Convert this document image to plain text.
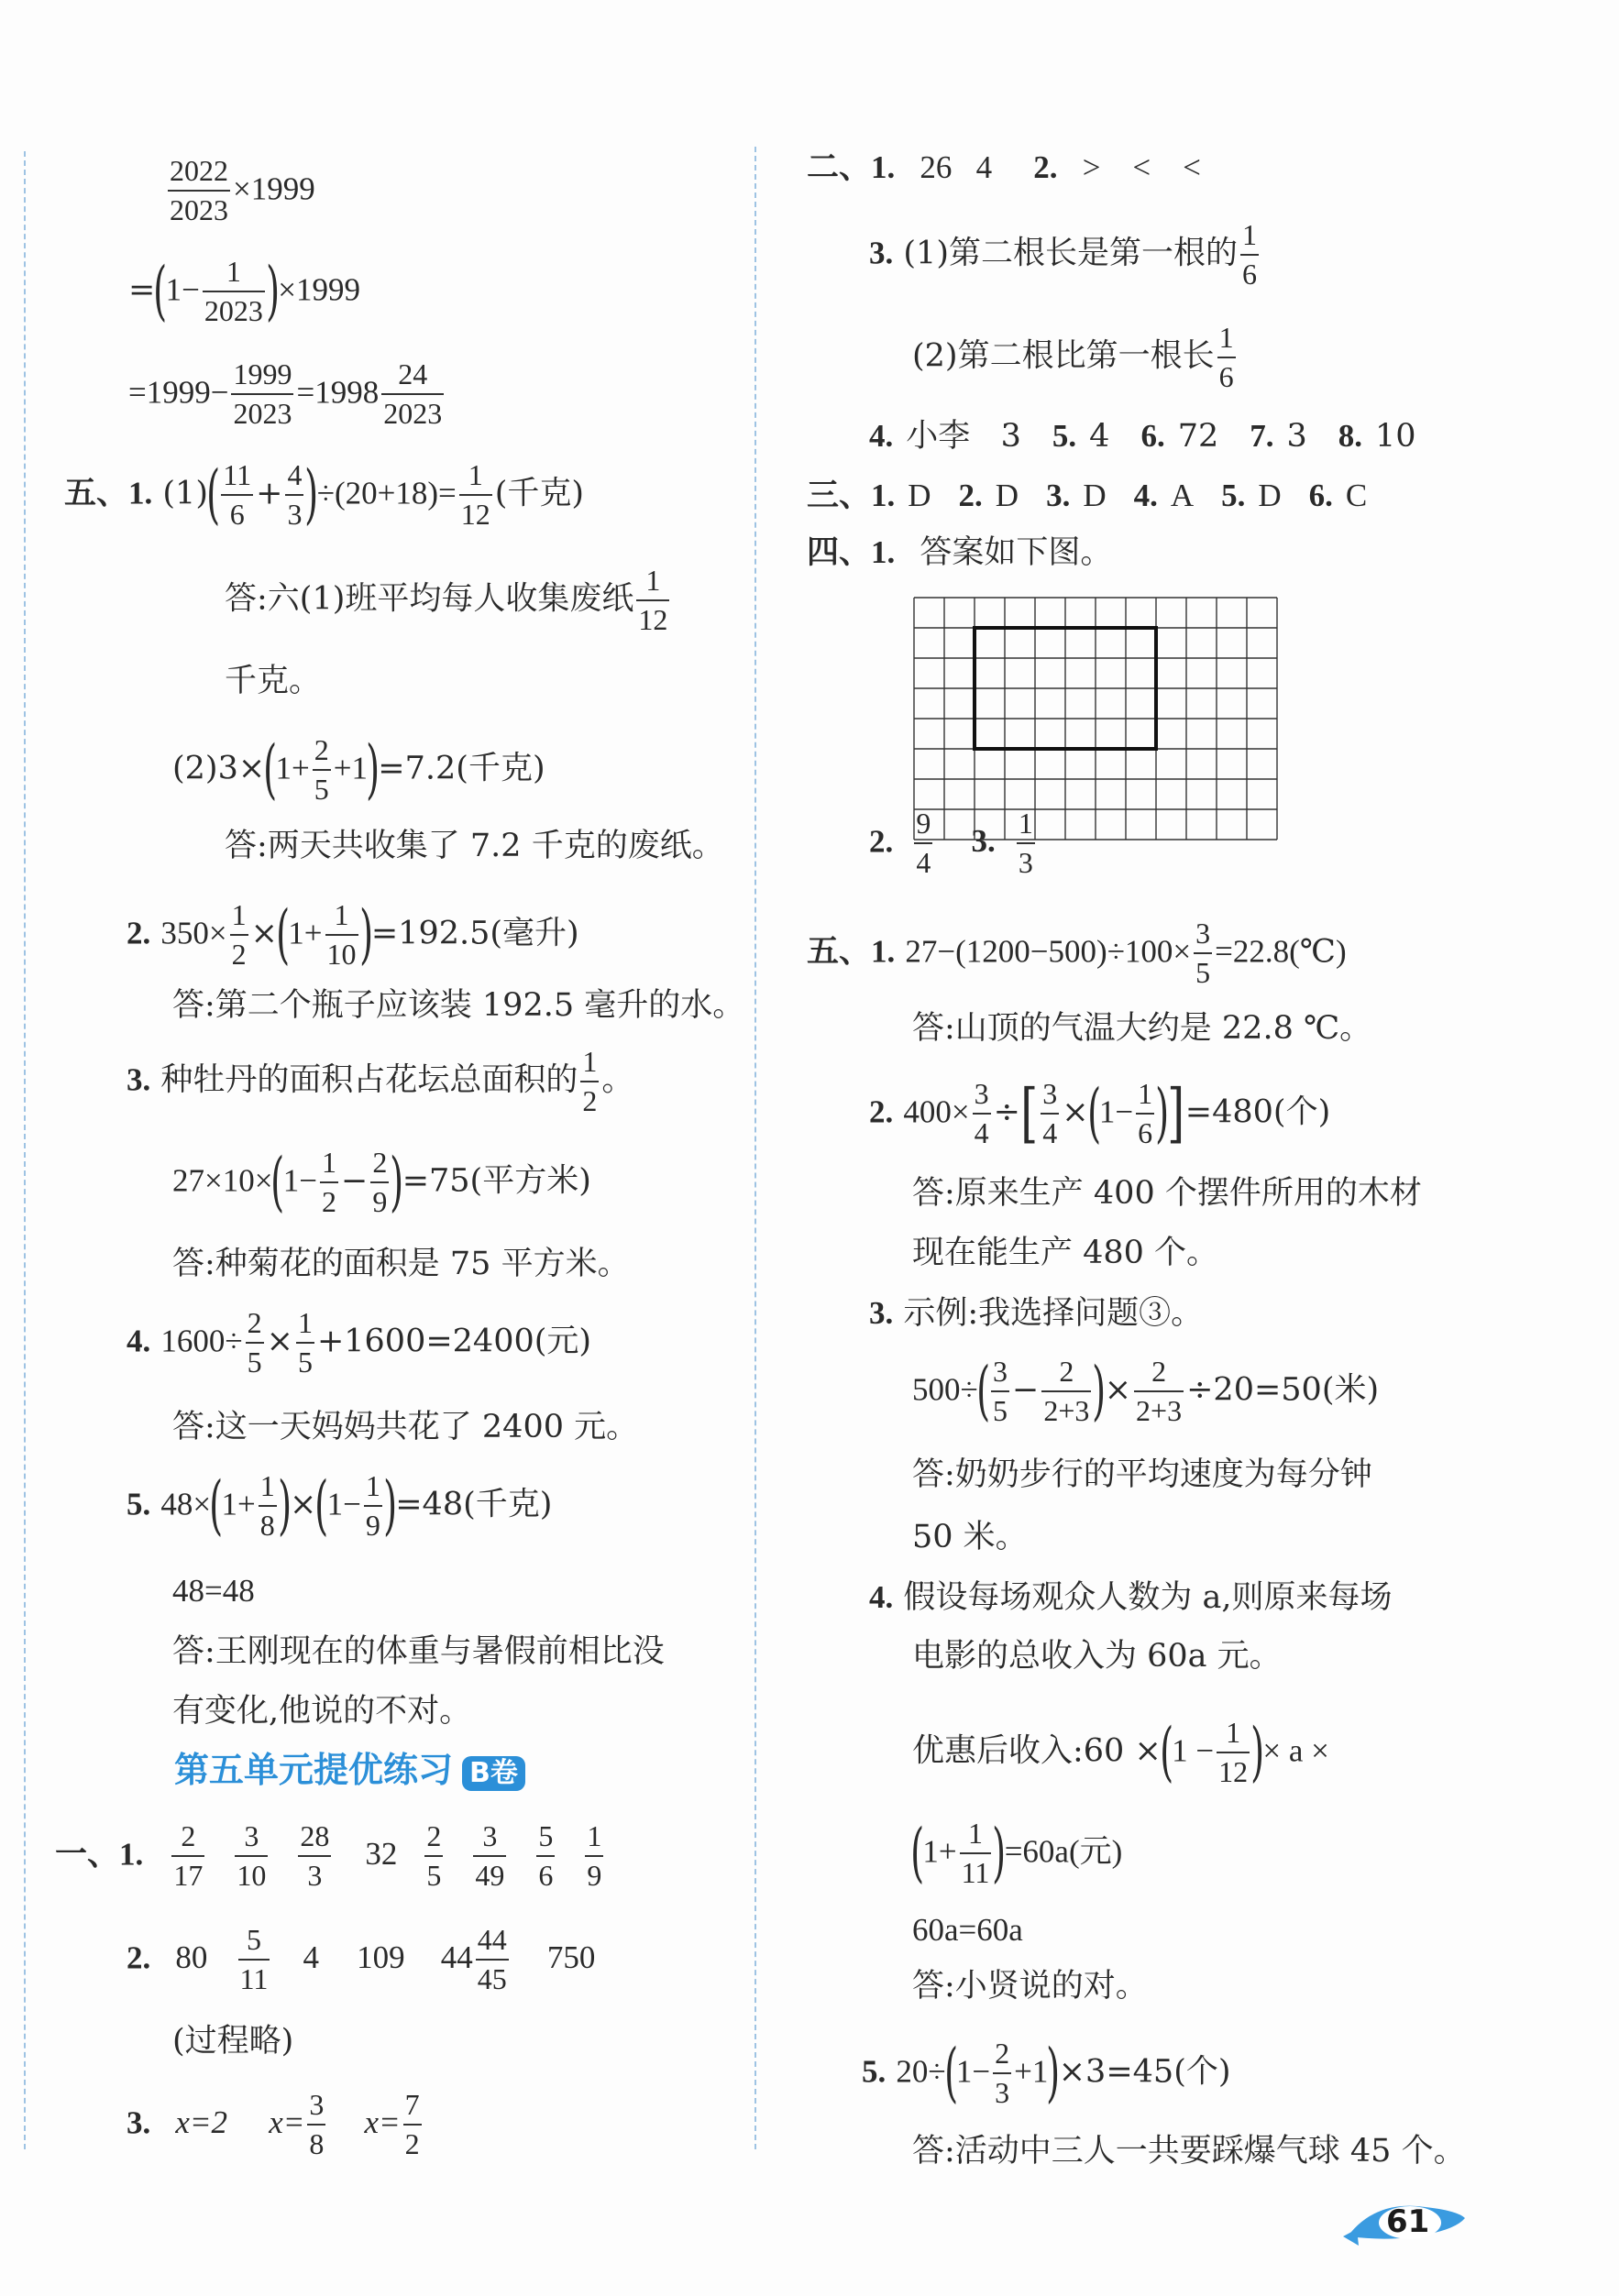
$\frac{2022}{2023} \times 1999$
$=(1- \frac{1}{2023} )\times 1999$
$=1999- \frac{1999}{2023} =1998 \frac{24}{2023}$
五、1. $(1)( \frac{11}{6} + \frac{4}{3} )\div(20+18)= \frac{1}{12}$ (千克)
答:六(1)班平均每人收集废纸 $\frac{1}{12}$
千克。
$(2)3\times(1+ \frac{2}{5} +1)=7.2$(千克)
答:两天共收集了 7.2 千克的废纸。
2. $350\times \frac{1}{2} \times(1+ \frac{1}{10} )=192.5$(毫升)
答:第二个瓶子应该装 192.5 毫升的水。
3. 种牡丹的面积占花坛总面积的 $\frac{1}{2}$ 。
$27\times 10\times(1- \frac{1}{2} - \frac{2}{9} )=75$(平方米)
答:种菊花的面积是 75 平方米。
4. $1600\div \frac{2}{5} \times \frac{1}{5} +1600=2400$(元)
答:这一天妈妈共花了 2400 元。
5. $48\times(1+ \frac{1}{8} )\times(1- \frac{1}{9} )=48$(千克)
48=48
答:王刚现在的体重与暑假前相比没
有变化,他说的不对。
第五单元提优练习 B卷
一、1. $\frac{2}{17} \frac{3}{10} \frac{28}{3} 32 \frac{2}{5} \frac{3}{49} \frac{5}{6} \frac{1}{9}$
2. $80 \frac{5}{11} 4$ 109 $44 \frac{44}{45} 750$
(过程略)
3. x=2 $x= \frac{3}{8} x= \frac{7}{2}$
二、1. 26   4 2. >    <    <
3. (1)第二根长是第一根的 $\frac{1}{6}$
(2)第二根比第一根长 $\frac{1}{6}$
4. 小李   3 5. 4 6. 72 7. 3 8. 10
三、1. D 2. D 3. D 4. A 5. D 6. C
四、1. 答案如下图。
2. $\frac{9}{4} 3$. $\frac{1}{3}$
五、1. $27-(1200-500)\div 100\times \frac{3}{5}$ =22.8(℃)
答:山顶的气温大约是 22.8 ℃。
2. $400\times \frac{3}{4}$ ÷[ $\frac{3}{4} \times(1- \frac{1}{6} )]=480$(个)
答:原来生产 400 个摆件所用的木材
现在能生产 480 个。
3. 示例:我选择问题③。
$500\div( \frac{3}{5} - \frac{2}{2+3}$ )× $\frac{2}{2+3} \div 20=50$(米)
答:奶奶步行的平均速度为每分钟
50 米。
4. 假设每场观众人数为 a,则原来每场
电影的总收入为 60a 元。
优惠后收入:60 $\times(1 - \frac{1}{12}$ )× a ×
$(1+ \frac{1}{11} )=60a$(元)
60a=60a
答:小贤说的对。
5. $20\div(1- \frac{2}{3} +1)\times 3=45$(个)
答:活动中三人一共要踩爆气球 45 个。
61
